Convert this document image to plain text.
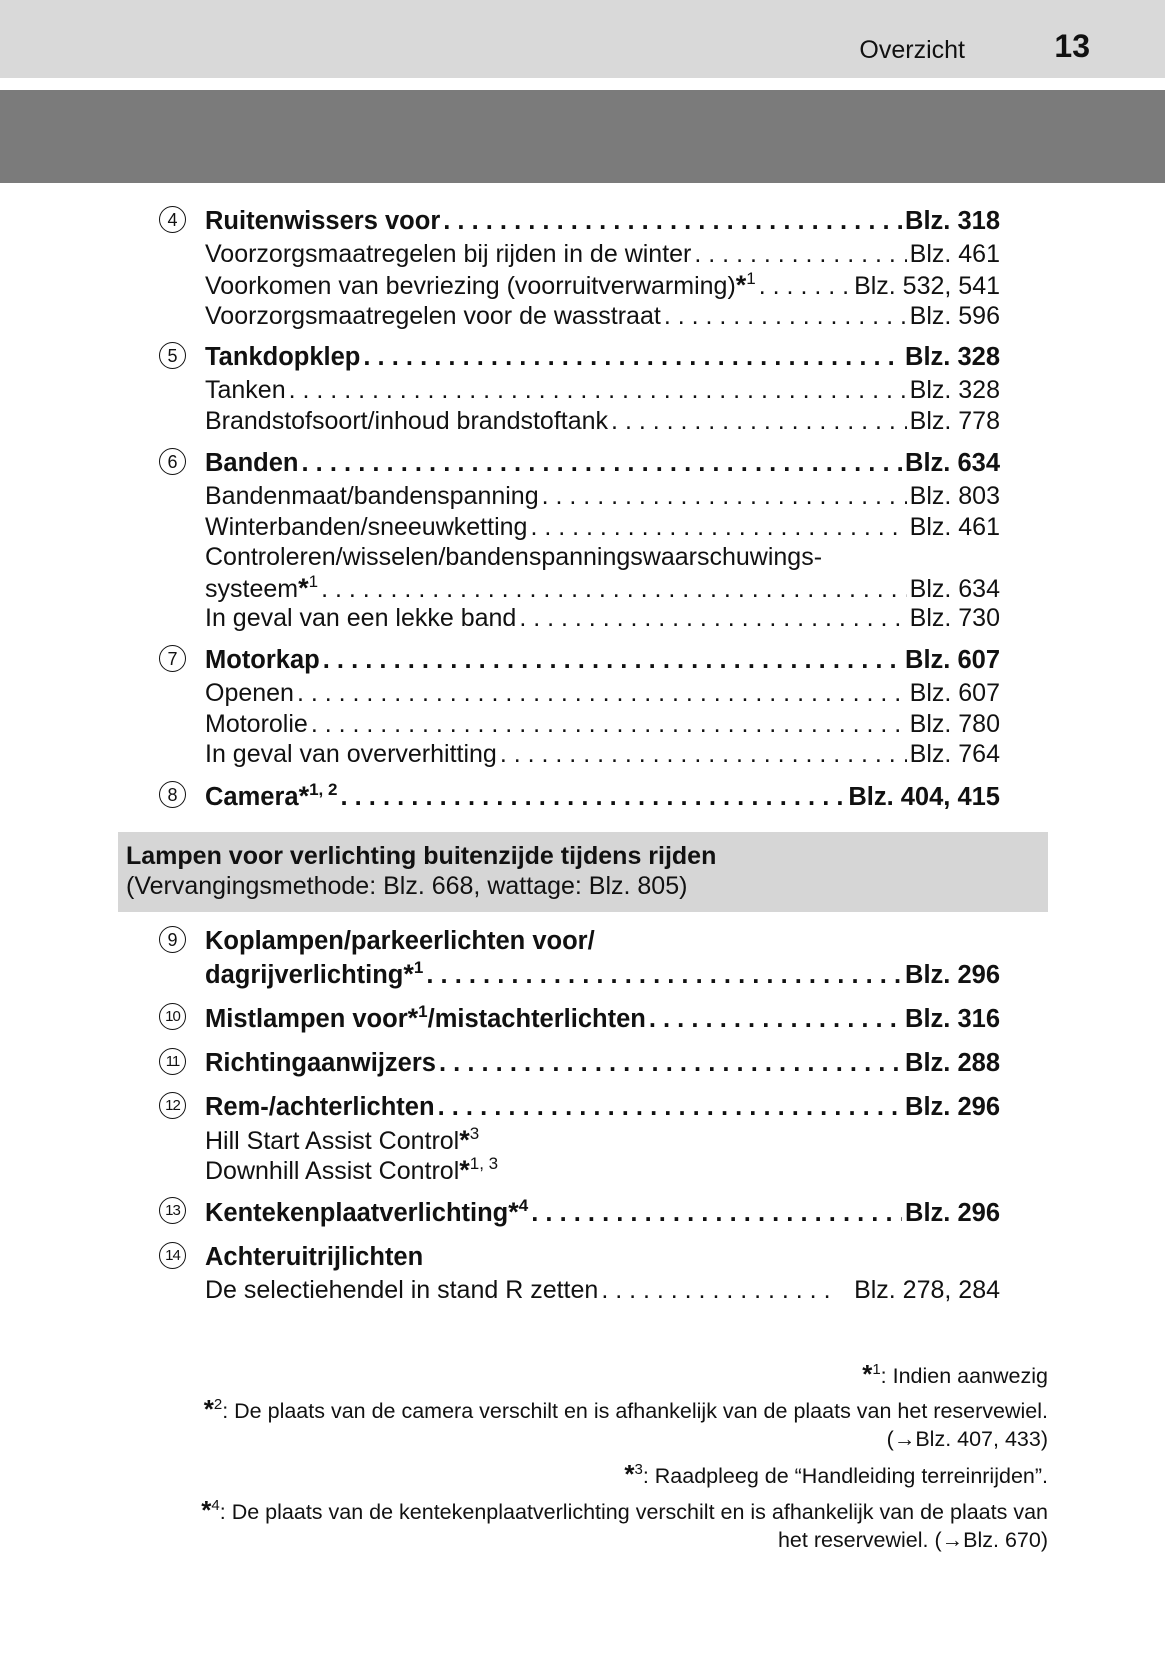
Overzicht	13
4	Ruitenwissers voor . . .	Blz. 318
Voorzorgsmaatregelen bij rijden in de winter . . .	Blz. 461
Voorkomen van bevriezing (voorruitverwarming)*$^1$ . . .	Blz. 532, 541
Voorzorgsmaatregelen voor de wasstraat . . .	Blz. 596
5	Tankdopklep . . .	Blz. 328
Tanken . . .	Blz. 328
Brandstofsoort/inhoud brandstoftank . . .	Blz. 778
6	Banden . . .	Blz. 634
Bandenmaat/bandenspanning . . .	Blz. 803
Winterbanden/sneeuwketting . . .	Blz. 461
Controleren/wisselen/bandenspanningswaarschuwings-
systeem*$^1$ . . .	Blz. 634
In geval van een lekke band . . .	Blz. 730
7	Motorkap . . .	Blz. 607
Openen . . .	Blz. 607
Motorolie . . .	Blz. 780
In geval van oververhitting . . .	Blz. 764
8	Camera*$^{1, 2}$ . . .	Blz. 404, 415
Lampen voor verlichting buitenzijde tijdens rijden
(Vervangingsmethode: Blz. 668, wattage: Blz. 805)
9	Koplampen/parkeerlichten voor/
dagrijverlichting*$^1$ . . .	Blz. 296
10 Mistlampen voor*$^1$/mistachterlichten . . .	Blz. 316
11 Richtingaanwijzers . . .	Blz. 288
12 Rem-/achterlichten . . .	Blz. 296
Hill Start Assist Control*$^3$
Downhill Assist Control*$^{1, 3}$
13 Kentekenplaatverlichting*$^4$ . . .	Blz. 296
14 Achteruitrijlichten
De selectiehendel in stand R zetten . . .	Blz. 278, 284
*$^1$: Indien aanwezig
*$^2$: De plaats van de camera verschilt en is afhankelijk van de plaats van het reservewiel.
(→Blz. 407, 433)
*$^3$: Raadpleeg de “Handleiding terreinrijden”.
*$^4$: De plaats van de kentekenplaatverlichting verschilt en is afhankelijk van de plaats van
het reservewiel. (→Blz. 670)
